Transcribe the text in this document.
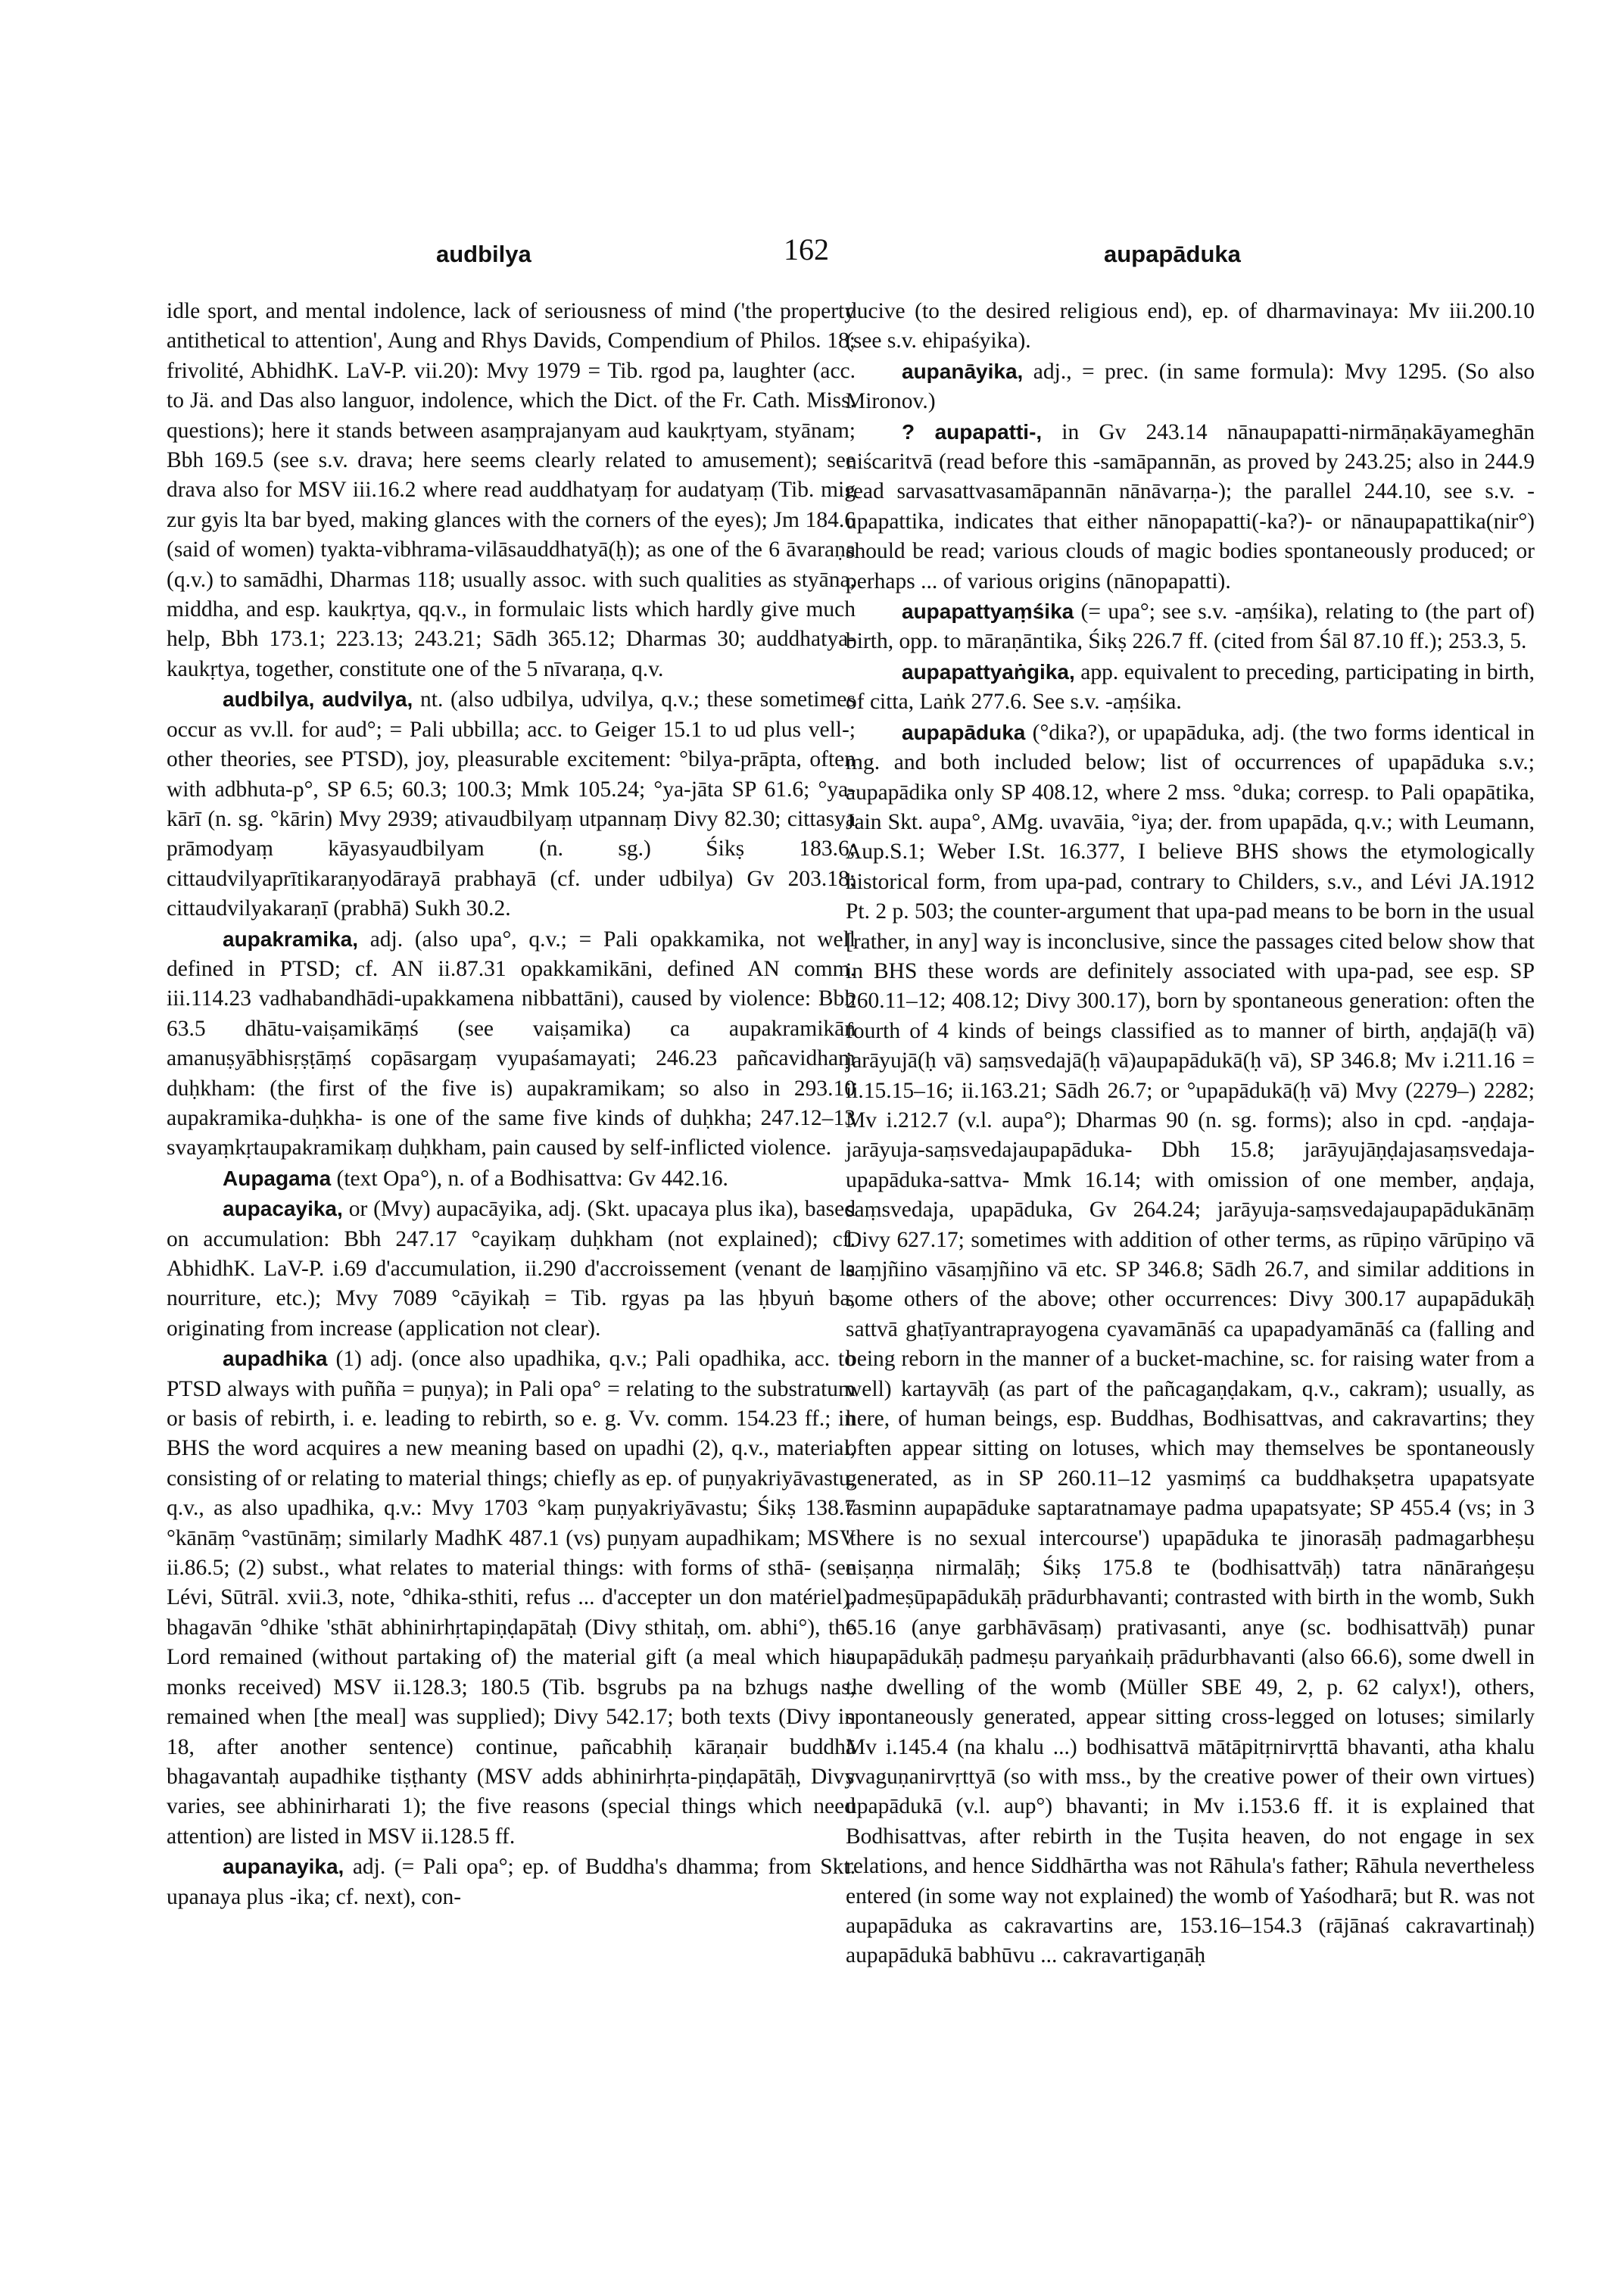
audbilya	162	aupapāduka

idle sport, and mental indolence, lack of seriousness of mind ('the property antithetical to attention', Aung and Rhys Davids, Compendium of Philos. 18; frivolité, AbhidhK. LaV-P. vii.20): Mvy 1979 = Tib. rgod pa, laughter (acc. to Jä. and Das also languor, indolence, which the Dict. of the Fr. Cath. Miss. questions); here it stands between asaṃprajanyam aud kaukṛtyam, styānam; Bbh 169.5 (see s.v. drava; here seems clearly related to amusement); see drava also for MSV iii.16.2 where read auddhatyaṃ for audatyaṃ (Tib. mig zur gyis lta bar byed, making glances with the corners of the eyes); Jm 184.6 (said of women) tyakta-vibhrama-vilāsauddhatyā(ḥ); as one of the 6 āvaraṇa (q.v.) to samādhi, Dharmas 118; usually assoc. with such qualities as styāna, middha, and esp. kaukṛtya, qq.v., in formulaic lists which hardly give much help, Bbh 173.1; 223.13; 243.21; Sādh 365.12; Dharmas 30; auddhatya-kaukṛtya, together, constitute one of the 5 nīvaraṇa, q.v.

audbilya, audvilya, nt. (also udbilya, udvilya, q.v.; these sometimes occur as vv.ll. for aud°; = Pali ubbilla; acc. to Geiger 15.1 to ud plus vell-; other theories, see PTSD), joy, pleasurable excitement: °bilya-prāpta, often with adbhuta-p°, SP 6.5; 60.3; 100.3; Mmk 105.24; °ya-jāta SP 61.6; °ya-kārī (n. sg. °kārin) Mvy 2939; ativaudbilyaṃ utpannaṃ Divy 82.30; cittasya prāmodyaṃ kāyasyaudbilyam (n. sg.) Śikṣ 183.6; cittaudvilyaprītikaraṇyodārayā prabhayā (cf. under udbilya) Gv 203.18; cittaudvilyakaraṇī (prabhā) Sukh 30.2.

aupakramika, adj. (also upa°, q.v.; = Pali opakkamika, not well defined in PTSD; cf. AN ii.87.31 opakkamikāni, defined AN comm. iii.114.23 vadhabandhādi-upakkamena nibbattāni), caused by violence: Bbh 63.5 dhātu-vaiṣamikāṃś (see vaiṣamika) ca aupakramikān amanuṣyābhisṛṣṭāṃś copāsargaṃ vyupaśamayati; 246.23 pañcavidhaṃ duḥkham: (the first of the five is) aupakramikam; so also in 293.10 aupakramika-duḥkha- is one of the same five kinds of duḥkha; 247.12–13 svayaṃkṛtaupakramikaṃ duḥkham, pain caused by self-inflicted violence.

Aupagama (text Opa°), n. of a Bodhisattva: Gv 442.16.

aupacayika, or (Mvy) aupacāyika, adj. (Skt. upacaya plus ika), based on accumulation: Bbh 247.17 °cayikaṃ duḥkham (not explained); cf. AbhidhK. LaV-P. i.69 d'accumulation, ii.290 d'accroissement (venant de la nourriture, etc.); Mvy 7089 °cāyikaḥ = Tib. rgyas pa las ḥbyuṅ ba, originating from increase (application not clear).

aupadhika (1) adj. (once also upadhika, q.v.; Pali opadhika, acc. to PTSD always with puñña = puṇya); in Pali opa° = relating to the substratum or basis of rebirth, i. e. leading to rebirth, so e. g. Vv. comm. 154.23 ff.; in BHS the word acquires a new meaning based on upadhi (2), q.v., material, consisting of or relating to material things; chiefly as ep. of puṇyakriyāvastu, q.v., as also upadhika, q.v.: Mvy 1703 °kaṃ puṇyakriyāvastu; Śikṣ 138.7 °kānāṃ °vastūnāṃ; similarly MadhK 487.1 (vs) puṇyam aupadhikam; MSV ii.86.5; (2) subst., what relates to material things: with forms of sthā- (see Lévi, Sūtrāl. xvii.3, note, °dhika-sthiti, refus ... d'accepter un don matériel), bhagavān °dhike 'sthāt abhinirhṛtapiṇḍapātaḥ (Divy sthitaḥ, om. abhi°), the Lord remained (without partaking of) the material gift (a meal which his monks received) MSV ii.128.3; 180.5 (Tib. bsgrubs pa na bzhugs nas, remained when [the meal] was supplied); Divy 542.17; both texts (Divy in 18, after another sentence) continue, pañcabhiḥ kāraṇair buddhā bhagavantaḥ aupadhike tiṣṭhanty (MSV adds abhinirhṛta-piṇḍapātāḥ, Divy varies, see abhinirharati 1); the five reasons (special things which need attention) are listed in MSV ii.128.5 ff.

aupanayika, adj. (= Pali opa°; ep. of Buddha's dhamma; from Skt. upanaya plus -ika; cf. next), con-

ducive (to the desired religious end), ep. of dharmavinaya: Mv iii.200.10 (see s.v. ehipaśyika).

aupanāyika, adj., = prec. (in same formula): Mvy 1295. (So also Mironov.)

? aupapatti-, in Gv 243.14 nānaupapatti-nirmāṇakāyameghān niścaritvā (read before this -samāpannān, as proved by 243.25; also in 244.9 read sarvasattvasamāpannān nānāvarṇa-); the parallel 244.10, see s.v. -upapattika, indicates that either nānopapatti(-ka?)- or nānaupapattika(nir°) should be read; various clouds of magic bodies spontaneously produced; or perhaps ... of various origins (nānopapatti).

aupapattyaṃśika (= upa°; see s.v. -aṃśika), relating to (the part of) birth, opp. to māraṇāntika, Śikṣ 226.7 ff. (cited from Śāl 87.10 ff.); 253.3, 5.

aupapattyaṅgika, app. equivalent to preceding, participating in birth, of citta, Laṅk 277.6. See s.v. -aṃśika.

aupapāduka (°dika?), or upapāduka, adj. (the two forms identical in mg. and both included below; list of occurrences of upapāduka s.v.; aupapādika only SP 408.12, where 2 mss. °duka; corresp. to Pali opapātika, Jain Skt. aupa°, AMg. uvavāia, °iya; der. from upapāda, q.v.; with Leumann, Aup.S.1; Weber I.St. 16.377, I believe BHS shows the etymologically historical form, from upa-pad, contrary to Childers, s.v., and Lévi JA.1912 Pt. 2 p. 503; the counter-argument that upa-pad means to be born in the usual [rather, in any] way is inconclusive, since the passages cited below show that in BHS these words are definitely associated with upa-pad, see esp. SP 260.11–12; 408.12; Divy 300.17), born by spontaneous generation: often the fourth of 4 kinds of beings classified as to manner of birth, aṇḍajā(ḥ vā) jarāyujā(ḥ vā) saṃsvedajā(ḥ vā)aupapādukā(ḥ vā), SP 346.8; Mv i.211.16 = ii.15.15–16; ii.163.21; Sādh 26.7; or °upapādukā(ḥ vā) Mvy (2279–) 2282; Mv i.212.7 (v.l. aupa°); Dharmas 90 (n. sg. forms); also in cpd. -aṇḍaja-jarāyuja-saṃsvedajaupapāduka- Dbh 15.8; jarāyujāṇḍajasaṃsvedaja-upapāduka-sattva- Mmk 16.14; with omission of one member, aṇḍaja, saṃsvedaja, upapāduka, Gv 264.24; jarāyuja-saṃsvedajaupapādukānāṃ Divy 627.17; sometimes with addition of other terms, as rūpiṇo vārūpiṇo vā saṃjñino vāsaṃjñino vā etc. SP 346.8; Sādh 26.7, and similar additions in some others of the above; other occurrences: Divy 300.17 aupapādukāḥ sattvā ghaṭīyantraprayogena cyavamānāś ca upapadyamānāś ca (falling and being reborn in the manner of a bucket-machine, sc. for raising water from a well) kartayvāḥ (as part of the pañcagaṇḍakam, q.v., cakram); usually, as here, of human beings, esp. Buddhas, Bodhisattvas, and cakravartins; they often appear sitting on lotuses, which may themselves be spontaneously generated, as in SP 260.11–12 yasmiṃś ca buddhakṣetra upapatsyate tasminn aupapāduke saptaratnamaye padma upapatsyate; SP 455.4 (vs; in 3 'there is no sexual intercourse') upapāduka te jinorasāḥ padmagarbheṣu niṣaṇṇa nirmalāḥ; Śikṣ 175.8 te (bodhisattvāḥ) tatra nānāraṅgeṣu padmeṣūpapādukāḥ prādurbhavanti; contrasted with birth in the womb, Sukh 65.16 (anye garbhāvāsaṃ) prativasanti, anye (sc. bodhisattvāḥ) punar aupapādukāḥ padmeṣu paryaṅkaiḥ prādurbhavanti (also 66.6), some dwell in the dwelling of the womb (Müller SBE 49, 2, p. 62 calyx!), others, spontaneously generated, appear sitting cross-legged on lotuses; similarly Mv i.145.4 (na khalu ...) bodhisattvā mātāpitṛnirvṛttā bhavanti, atha khalu svaguṇanirvṛttyā (so with mss., by the creative power of their own virtues) upapādukā (v.l. aup°) bhavanti; in Mv i.153.6 ff. it is explained that Bodhisattvas, after rebirth in the Tuṣita heaven, do not engage in sex relations, and hence Siddhārtha was not Rāhula's father; Rāhula nevertheless entered (in some way not explained) the womb of Yaśodharā; but R. was not aupapāduka as cakravartins are, 153.16–154.3 (rājānaś cakravartinaḥ) aupapādukā babhūvu ... cakravartigaṇāḥ
